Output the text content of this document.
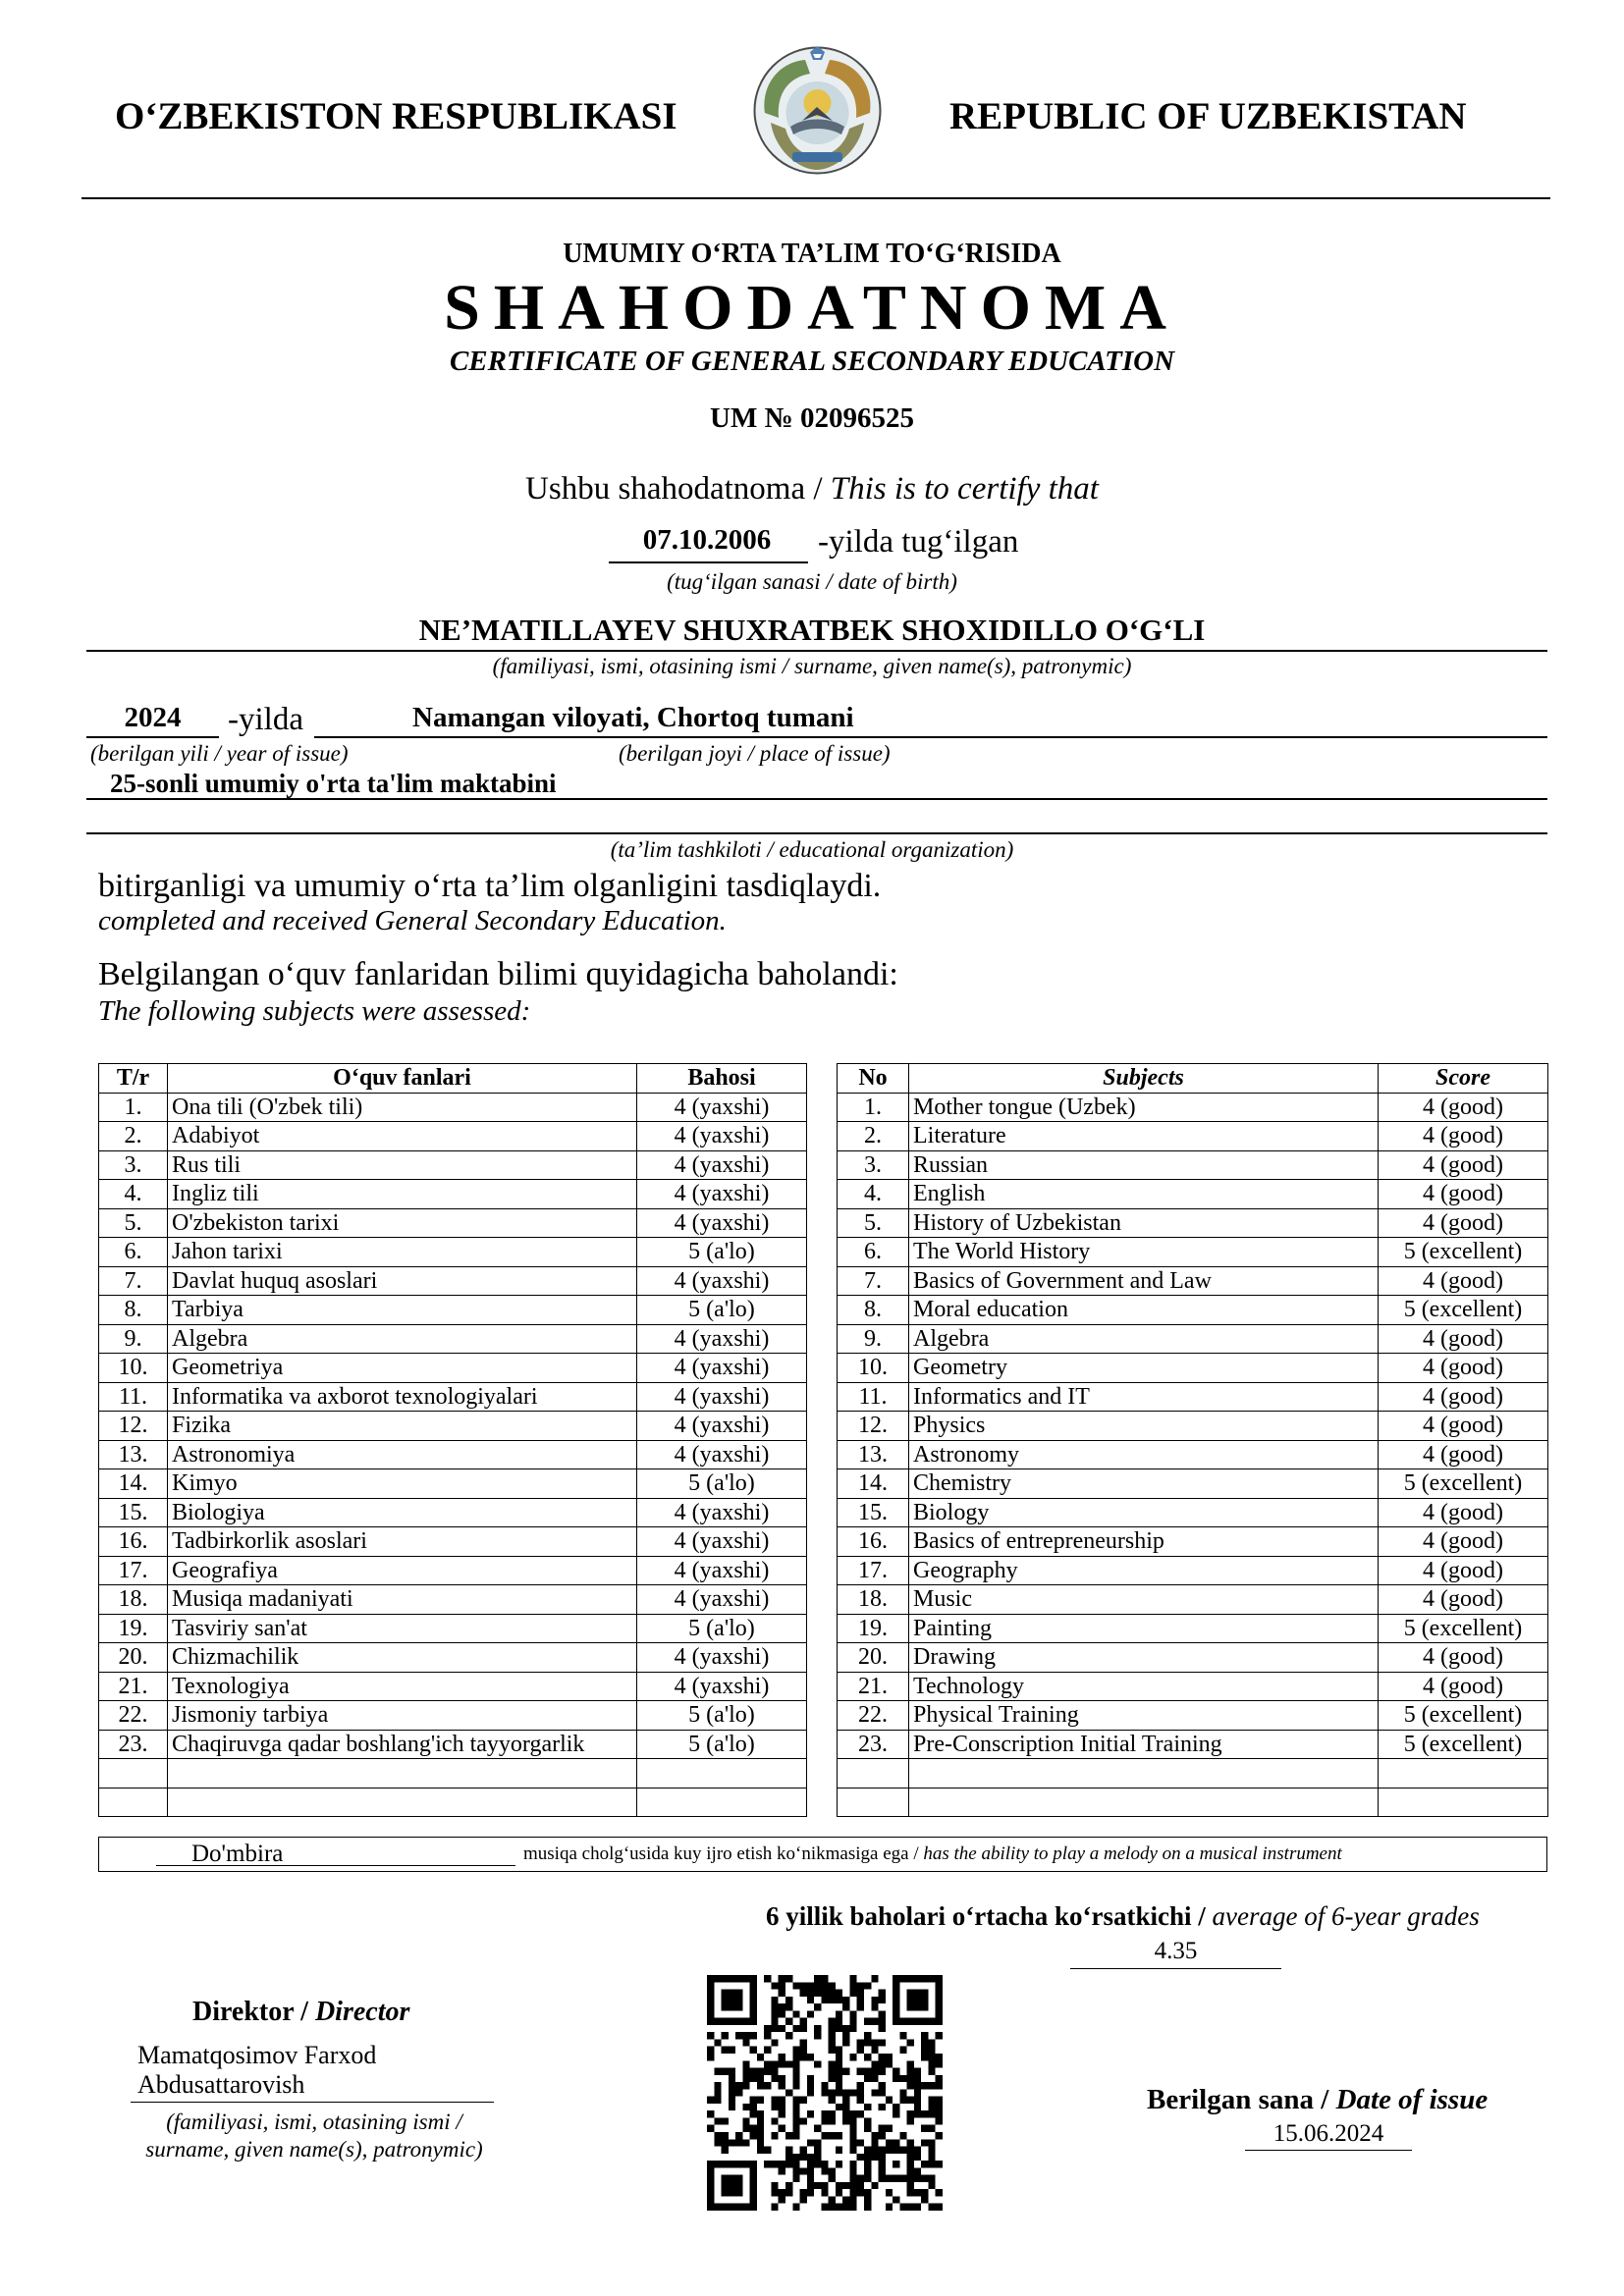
O‘ZBEKISTON RESPUBLIKASI	REPUBLIC OF UZBEKISTAN
UMUMIY O‘RTA TA’LIM TO‘G‘RISIDA
SHAHODATNOMA
CERTIFICATE OF GENERAL SECONDARY EDUCATION
UM № 02096525
Ushbu shahodatnoma / This is to certify that
07.10.2006	-yilda tug‘ilgan
(tug‘ilgan sanasi / date of birth)
NE’MATILLAYEV SHUXRATBEK SHOXIDILLO O‘G‘LI
(familiyasi, ismi, otasining ismi / surname, given name(s), patronymic)
2024	-yilda	Namangan viloyati, Chortoq tumani
(berilgan yili / year of issue)	(berilgan joyi / place of issue)
25-sonli umumiy o'rta ta'lim maktabini
(ta’lim tashkiloti / educational organization)
bitirganligi va umumiy o‘rta ta’lim olganligini tasdiqlaydi.
completed and received General Secondary Education.
Belgilangan o‘quv fanlaridan bilimi quyidagicha baholandi:
The following subjects were assessed:
T/r	O‘quv fanlari	Bahosi
1.	Ona tili (O'zbek tili)	4 (yaxshi)
2.	Adabiyot	4 (yaxshi)
3.	Rus tili	4 (yaxshi)
4.	Ingliz tili	4 (yaxshi)
5.	O'zbekiston tarixi	4 (yaxshi)
6.	Jahon tarixi	5 (a'lo)
7.	Davlat huquq asoslari	4 (yaxshi)
8.	Tarbiya	5 (a'lo)
9.	Algebra	4 (yaxshi)
10.	Geometriya	4 (yaxshi)
11.	Informatika va axborot texnologiyalari	4 (yaxshi)
12.	Fizika	4 (yaxshi)
13.	Astronomiya	4 (yaxshi)
14.	Kimyo	5 (a'lo)
15.	Biologiya	4 (yaxshi)
16.	Tadbirkorlik asoslari	4 (yaxshi)
17.	Geografiya	4 (yaxshi)
18.	Musiqa madaniyati	4 (yaxshi)
19.	Tasviriy san'at	5 (a'lo)
20.	Chizmachilik	4 (yaxshi)
21.	Texnologiya	4 (yaxshi)
22.	Jismoniy tarbiya	5 (a'lo)
23.	Chaqiruvga qadar boshlang'ich tayyorgarlik	5 (a'lo)

No	Subjects	Score
1.	Mother tongue (Uzbek)	4 (good)
2.	Literature	4 (good)
3.	Russian	4 (good)
4.	English	4 (good)
5.	History of Uzbekistan	4 (good)
6.	The World History	5 (excellent)
7.	Basics of Government and Law	4 (good)
8.	Moral education	5 (excellent)
9.	Algebra	4 (good)
10.	Geometry	4 (good)
11.	Informatics and IT	4 (good)
12.	Physics	4 (good)
13.	Astronomy	4 (good)
14.	Chemistry	5 (excellent)
15.	Biology	4 (good)
16.	Basics of entrepreneurship	4 (good)
17.	Geography	4 (good)
18.	Music	4 (good)
19.	Painting	5 (excellent)
20.	Drawing	4 (good)
21.	Technology	4 (good)
22.	Physical Training	5 (excellent)
23.	Pre-Conscription Initial Training	5 (excellent)

Do'mbira	musiqa cholg‘usida kuy ijro etish ko‘nikmasiga ega / has the ability to play a melody on a musical instrument
6 yillik baholari o‘rtacha ko‘rsatkichi / average of 6-year grades
4.35
Direktor / Director
Mamatqosimov Farxod
Abdusattarovish
(familiyasi, ismi, otasining ismi /
surname, given name(s), patronymic)
Berilgan sana / Date of issue
15.06.2024
